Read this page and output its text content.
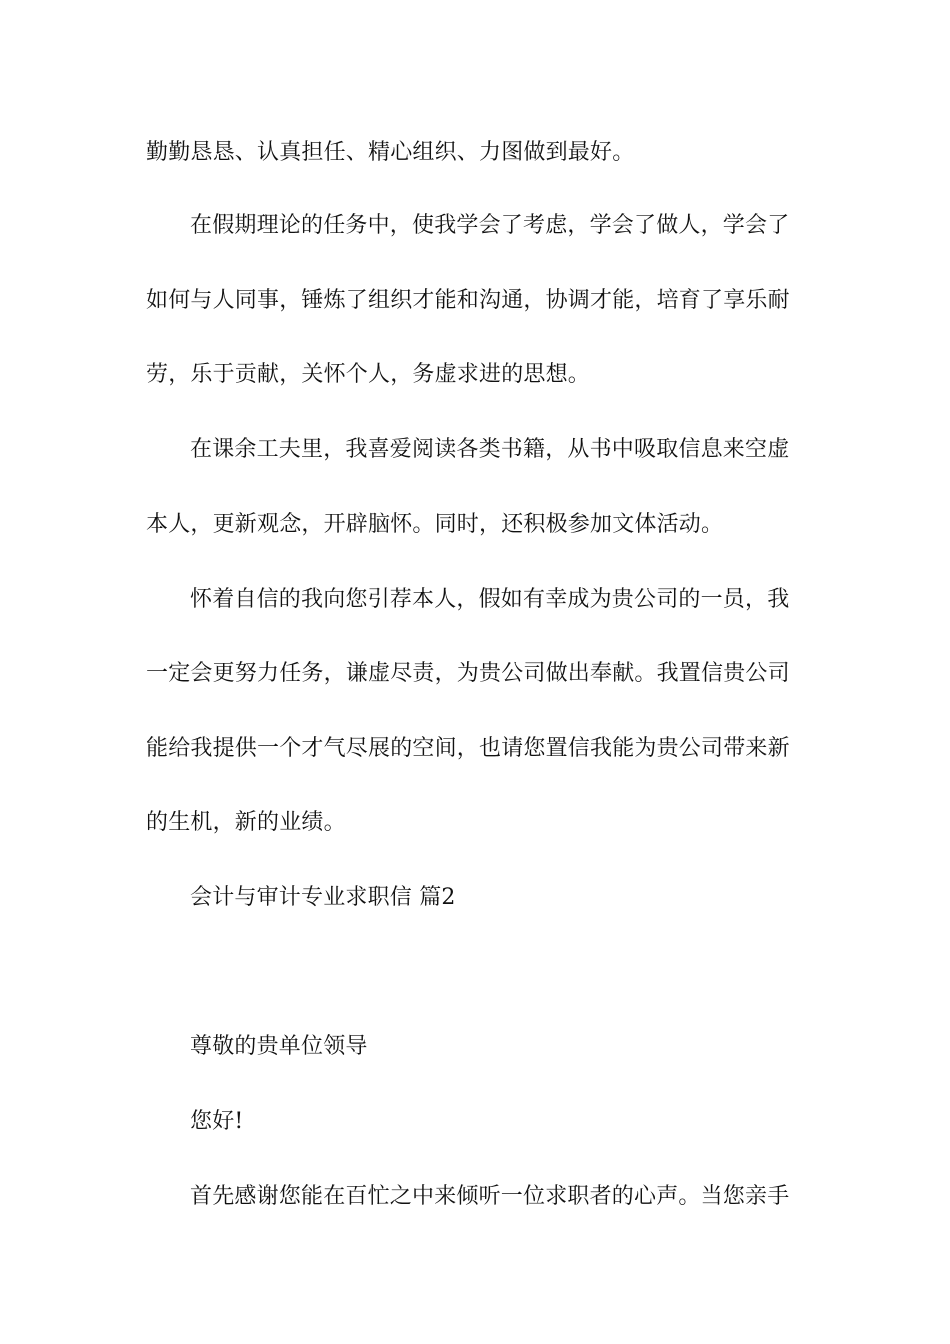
勤勤恳恳、认真担任、精心组织、力图做到最好。
在假期理论的任务中，使我学会了考虑，学会了做人，学会了
如何与人同事，锤炼了组织才能和沟通，协调才能，培育了享乐耐
劳，乐于贡献，关怀个人，务虚求进的思想。
在课余工夫里，我喜爱阅读各类书籍，从书中吸取信息来空虚
本人，更新观念，开辟脑怀。同时，还积极参加文体活动。
怀着自信的我向您引荐本人，假如有幸成为贵公司的一员，我
一定会更努力任务，谦虚尽责，为贵公司做出奉献。我置信贵公司
能给我提供一个才气尽展的空间，也请您置信我能为贵公司带来新
的生机，新的业绩。
会计与审计专业求职信 篇2
尊敬的贵单位领导
您好!
首先感谢您能在百忙之中来倾听一位求职者的心声。当您亲手
